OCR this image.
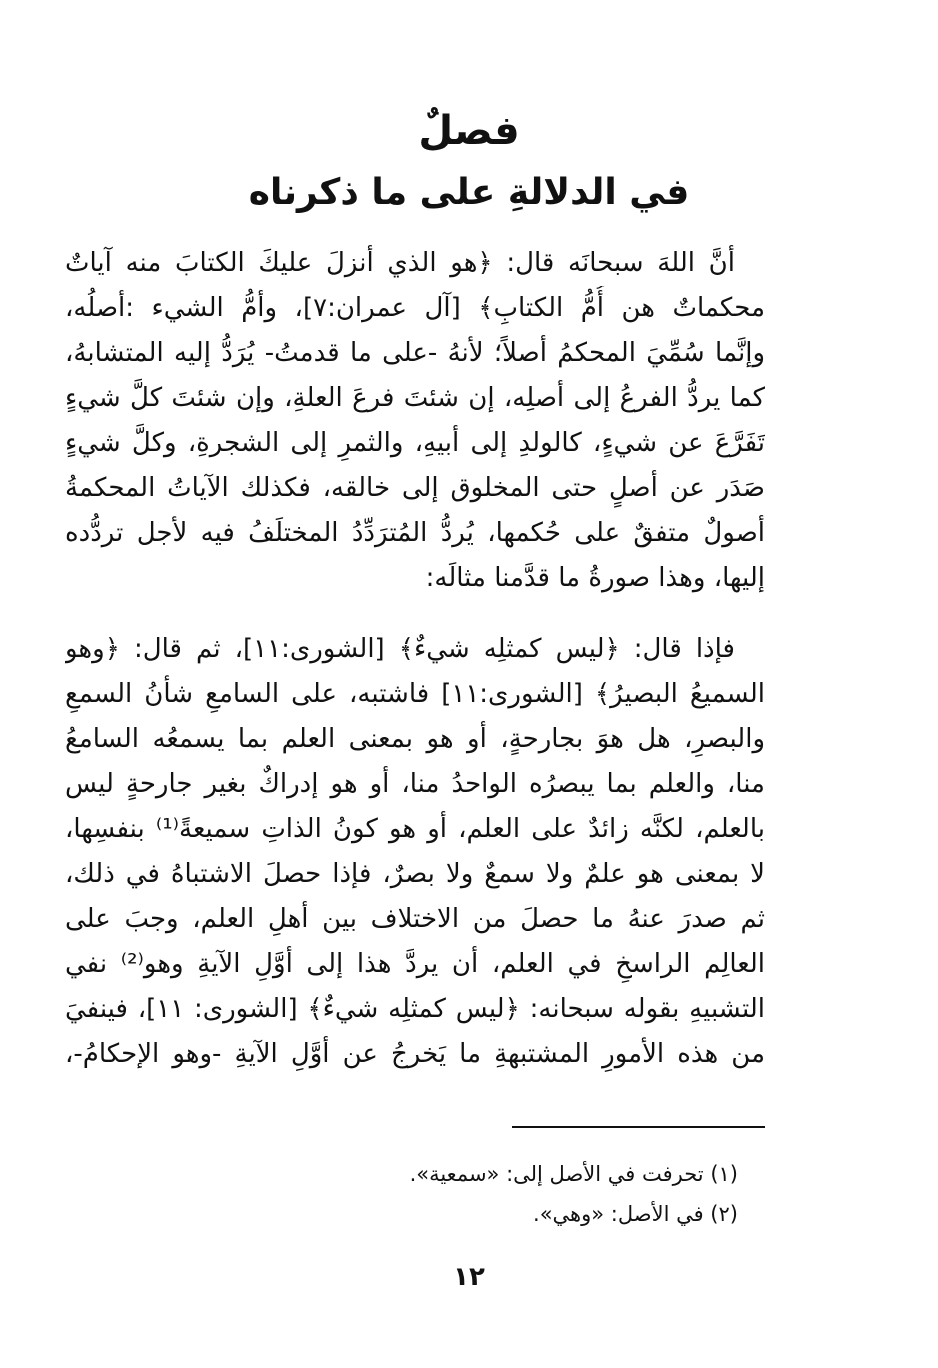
فصلٌ
في الدلالةِ على ما ذكرناه
أنَّ اللهَ سبحانَه قال: ﴿هو الذي أنزلَ عليكَ الكتابَ منه آياتٌ
محكماتٌ هن أُمُّ الكتابِ﴾ [آل عمران:٧]، وأمُّ الشيء :أصلُه،
وإنَّما سُمِّيَ المحكمُ أصلاً؛ لأنهُ -على ما قدمتُ- يُرَدُّ إليه المتشابهُ،
كما يردُّ الفرعُ إلى أصلِه، إن شئتَ فرعَ العلةِ، وإن شئتَ كلَّ شيءٍ
تَفَرَّعَ عن شيءٍ، كالولدِ إلى أبيهِ، والثمرِ إلى الشجرةِ، وكلَّ شيءٍ
صَدَر عن أصلٍ حتى المخلوق إلى خالقه، فكذلك الآياتُ المحكمةُ
أصولٌ متفقٌ على حُكمها، يُردُّ المُترَدِّدُ المختلَفُ فيه لأجل تردُّده
إليها، وهذا صورةُ ما قدَّمنا مثالَه:
فإذا قال: ﴿ليس كمثلِه شيءٌ﴾ [الشورى:١١]، ثم قال: ﴿وهو
السميعُ البصيرُ﴾ [الشورى:١١] فاشتبه، على السامعِ شأنُ السمعِ
والبصرِ، هل هوَ بجارحةٍ، أو هو بمعنى العلم بما يسمعُه السامعُ
منا، والعلم بما يبصرُه الواحدُ منا، أو هو إدراكٌ بغير جارحةٍ ليس
بالعلم، لكنَّه زائدٌ على العلم، أو هو كونُ الذاتِ سميعةً⁽¹⁾ بنفسِها،
لا بمعنى هو علمٌ ولا سمعٌ ولا بصرٌ، فإذا حصلَ الاشتباهُ في ذلك،
ثم صدرَ عنهُ ما حصلَ من الاختلاف بين أهلِ العلم، وجبَ على
العالِم الراسخِ في العلم، أن يردَّ هذا إلى أوَّلِ الآيةِ وهو⁽²⁾ نفي
التشبيهِ بقوله سبحانه: ﴿ليس كمثلِه شيءٌ﴾ [الشورى: ١١]، فينفيَ
من هذه الأمورِ المشتبهةِ ما يَخرجُ عن أوَّلِ الآيةِ -وهو الإحكامُ-،
(١) تحرفت في الأصل إلى: «سمعية».
(٢) في الأصل: «وهي».
١٢
